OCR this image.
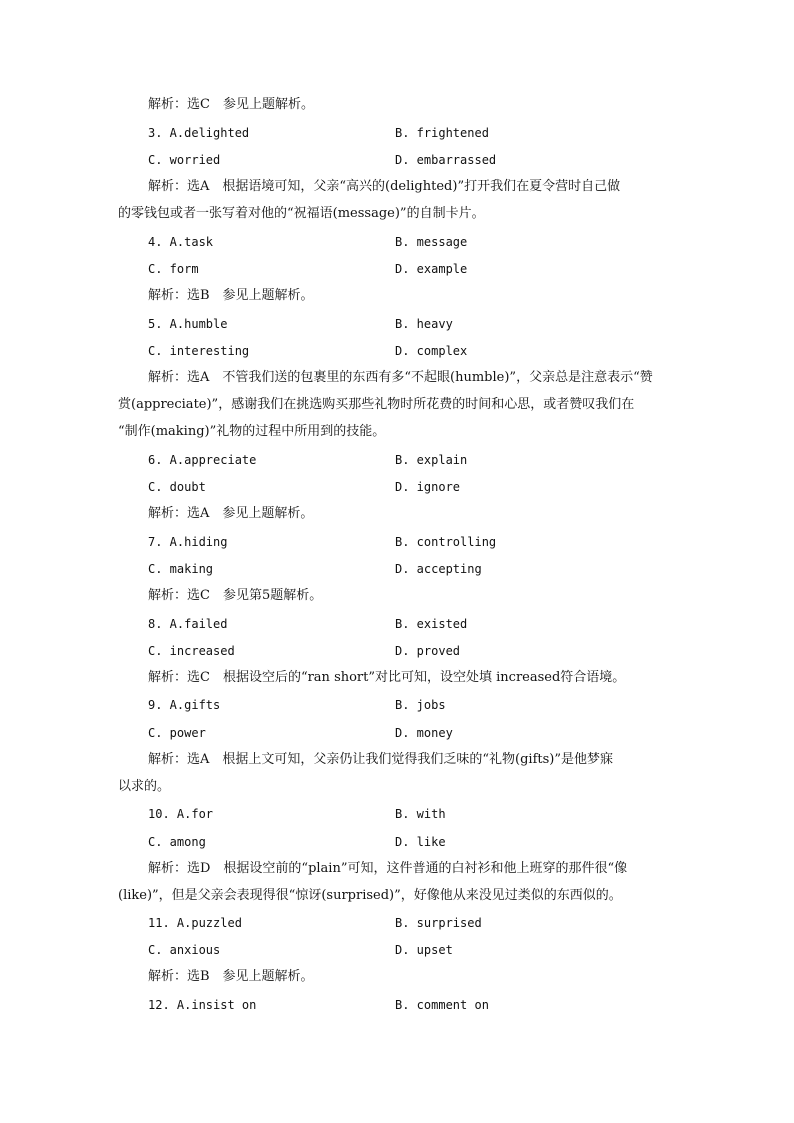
解析：选C　参见上题解析。
3. A.delighted	B. frightened
C. worried	D. embarrassed
解析：选A　根据语境可知，父亲“高兴的(delighted)”打开我们在夏令营时自己做
的零钱包或者一张写着对他的“祝福语(message)”的自制卡片。
4. A.task	B. message
C. form	D. example
解析：选B　参见上题解析。
5. A.humble	B. heavy
C. interesting	D. complex
解析：选A　不管我们送的包裹里的东西有多“不起眼(humble)”，父亲总是注意表示“赞
赏(appreciate)”，感谢我们在挑选购买那些礼物时所花费的时间和心思，或者赞叹我们在
“制作(making)”礼物的过程中所用到的技能。
6. A.appreciate	B. explain
C. doubt	D. ignore
解析：选A　参见上题解析。
7. A.hiding	B. controlling
C. making	D. accepting
解析：选C　参见第5题解析。
8. A.failed	B. existed
C. increased	D. proved
解析：选C　根据设空后的“ran short”对比可知，设空处填 increased符合语境。
9. A.gifts	B. jobs
C. power	D. money
解析：选A　根据上文可知，父亲仍让我们觉得我们乏味的“礼物(gifts)”是他梦寐
以求的。
10. A.for	B. with
C. among	D. like
解析：选D　根据设空前的“plain”可知，这件普通的白衬衫和他上班穿的那件很“像
(like)”，但是父亲会表现得很“惊讶(surprised)”，好像他从来没见过类似的东西似的。
11. A.puzzled	B. surprised
C. anxious	D. upset
解析：选B　参见上题解析。
12. A.insist on	B. comment on
